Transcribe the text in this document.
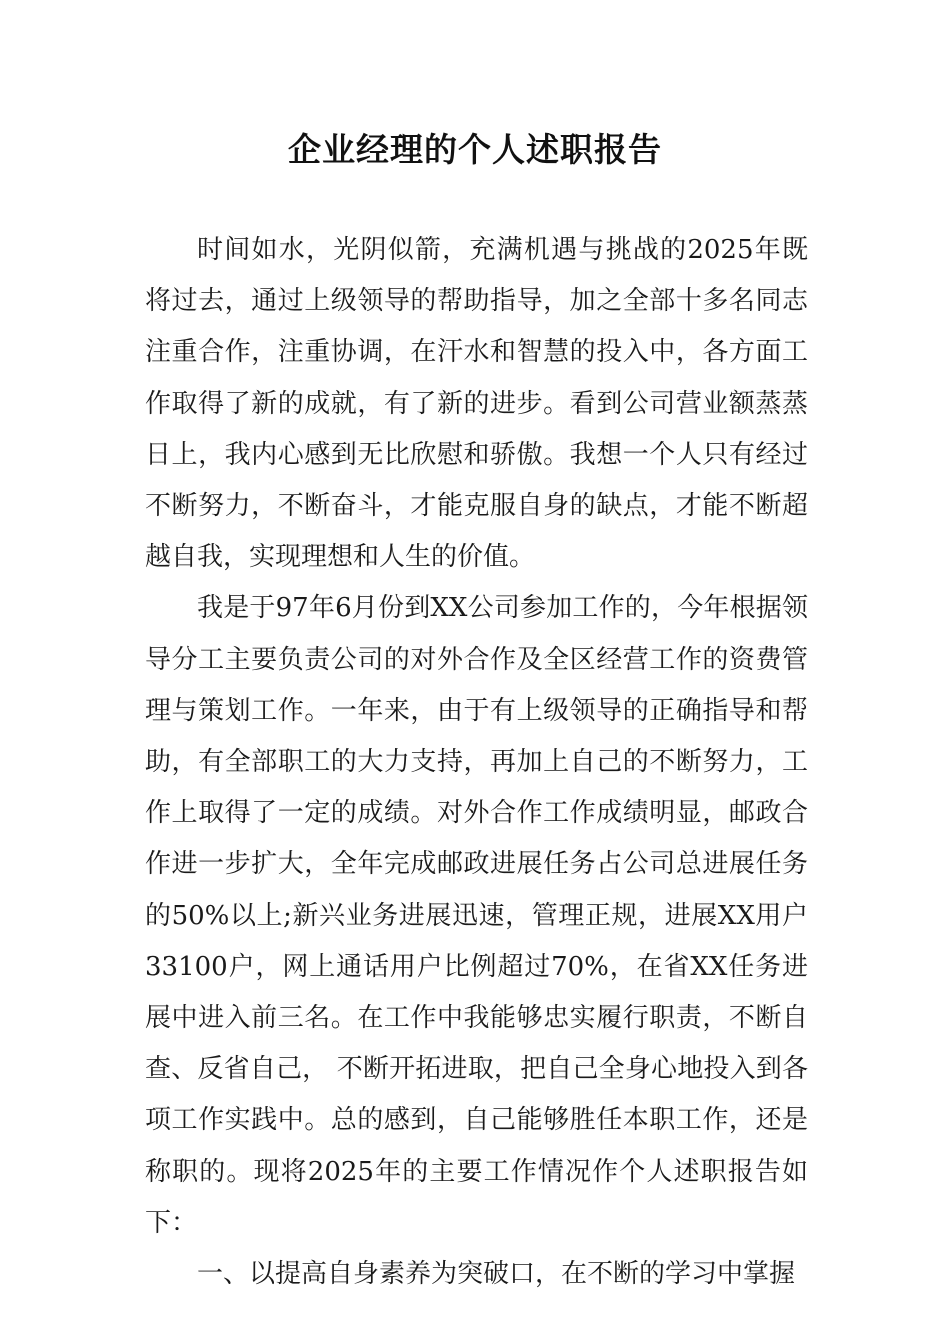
企业经理的个人述职报告

时间如水，光阴似箭，充满机遇与挑战的2025年既将过去，通过上级领导的帮助指导，加之全部十多名同志注重合作，注重协调，在汗水和智慧的投入中，各方面工作取得了新的成就，有了新的进步。看到公司营业额蒸蒸日上，我内心感到无比欣慰和骄傲。我想一个人只有经过不断努力，不断奋斗，才能克服自身的缺点，才能不断超越自我，实现理想和人生的价值。

我是于97年6月份到XX公司参加工作的，今年根据领导分工主要负责公司的对外合作及全区经营工作的资费管理与策划工作。一年来，由于有上级领导的正确指导和帮助，有全部职工的大力支持，再加上自己的不断努力，工作上取得了一定的成绩。对外合作工作成绩明显，邮政合作进一步扩大，全年完成邮政进展任务占公司总进展任务的50%以上;新兴业务进展迅速，管理正规，进展XX用户33100户，网上通话用户比例超过70%，在省XX任务进展中进入前三名。在工作中我能够忠实履行职责，不断自查、反省自己， 不断开拓进取，把自己全身心地投入到各项工作实践中。总的感到，自己能够胜任本职工作，还是称职的。现将2025年的主要工作情况作个人述职报告如下：

一、以提高自身素养为突破口，在不断的学习中掌握
